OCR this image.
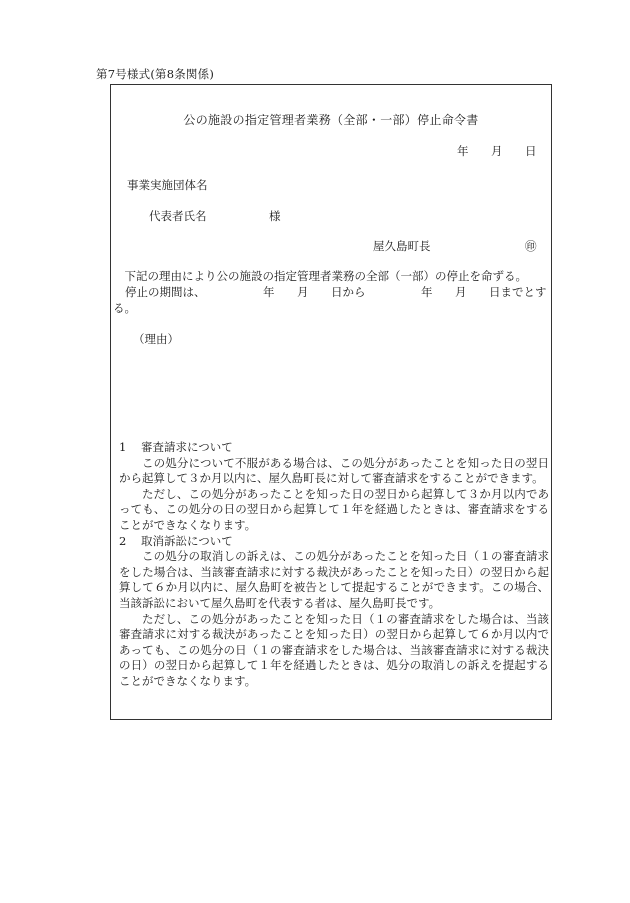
第7号様式(第8条関係)
公の施設の指定管理者業務（全部・一部）停止命令書
年 月 日
事業実施団体名
代表者氏名	様
屋久島町長	㊞
下記の理由により公の施設の指定管理者業務の全部（一部）の停止を命ずる。
停止の期間は、	年 月 日から	年 月 日までとす
る。
（理由）
1 審査請求について
この処分について不服がある場合は、この処分があったことを知った日の翌日から起算して３か月以内に、屋久島町長に対して審査請求をすることができます。
ただし、この処分があったことを知った日の翌日から起算して３か月以内であっても、この処分の日の翌日から起算して１年を経過したときは、審査請求をすることができなくなります。
2 取消訴訟について
この処分の取消しの訴えは、この処分があったことを知った日（１の審査請求をした場合は、当該審査請求に対する裁決があったことを知った日）の翌日から起算して６か月以内に、屋久島町を被告として提起することができます。この場合、当該訴訟において屋久島町を代表する者は、屋久島町長です。
ただし、この処分があったことを知った日（１の審査請求をした場合は、当該審査請求に対する裁決があったことを知った日）の翌日から起算して６か月以内であっても、この処分の日（１の審査請求をした場合は、当該審査請求に対する裁決の日）の翌日から起算して１年を経過したときは、処分の取消しの訴えを提起することができなくなります。
